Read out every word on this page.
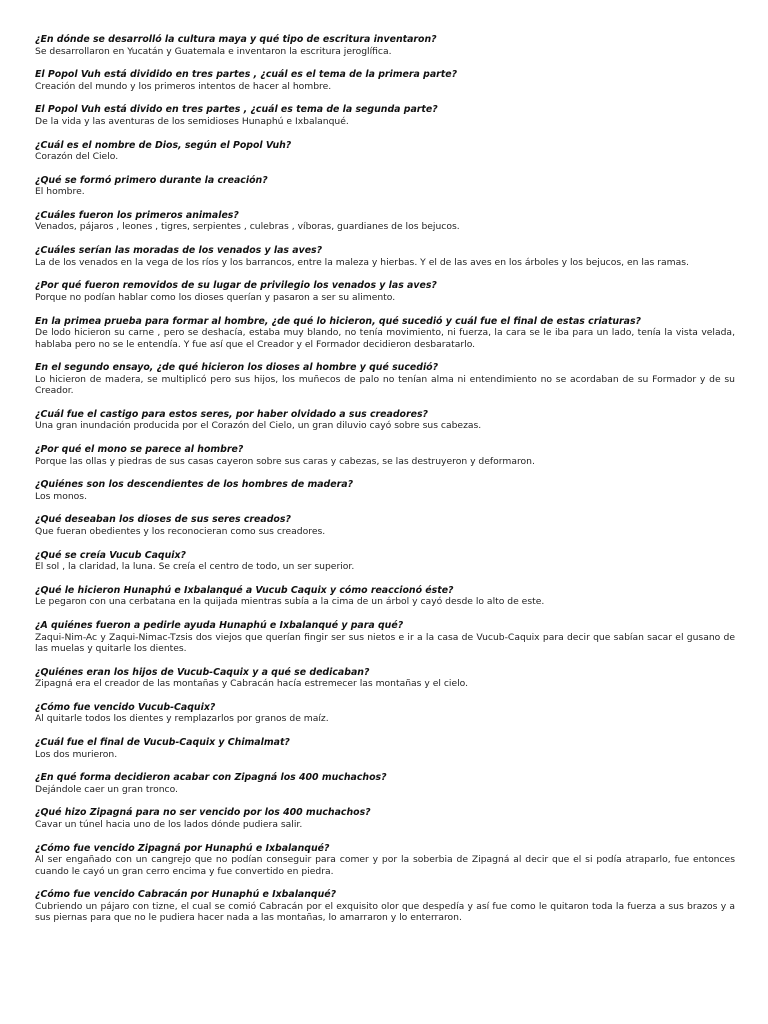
¿En dónde se desarrolló la cultura maya y qué tipo de escritura inventaron?
Se desarrollaron en Yucatán y Guatemala e inventaron la escritura jeroglífica.
El Popol Vuh está dividido en tres partes , ¿cuál es el tema de la primera parte?
Creación del mundo y los primeros intentos de hacer al hombre.
El Popol Vuh está divido en tres partes , ¿cuál es tema de la segunda parte?
De la vida y las aventuras de los semidioses Hunaphú e Ixbalanqué.
¿Cuál es el nombre de Dios, según el Popol Vuh?
Corazón del Cielo.
¿Qué se formó primero durante la creación?
El hombre.
¿Cuáles fueron los primeros animales?
Venados, pájaros , leones , tigres, serpientes , culebras , víboras, guardianes de los bejucos.
¿Cuáles serían las moradas de los venados y las aves?
La de los venados en la vega de los ríos y los barrancos, entre la maleza y hierbas. Y el de las aves en los árboles y los bejucos, en las ramas.
¿Por qué fueron removidos de su lugar de privilegio los venados y las aves?
Porque no podían hablar como los dioses querían y pasaron a ser su alimento.
En la primea prueba para formar al hombre, ¿de qué lo hicieron, qué sucedió y cuál fue el final de estas criaturas?
De lodo hicieron su carne , pero se deshacía, estaba muy blando, no tenía movimiento, ni fuerza, la cara se le iba para un lado, tenía la vista velada, hablaba pero no se le entendía. Y fue así que el Creador y el Formador decidieron desbaratarlo.
En el segundo ensayo, ¿de qué hicieron los dioses al hombre y qué sucedió?
Lo hicieron de madera, se multiplicó pero sus hijos, los muñecos de palo no tenían alma ni entendimiento no se acordaban de su Formador y de su Creador.
¿Cuál fue el castigo para estos seres, por haber olvidado a sus creadores?
Una gran inundación producida por el Corazón del Cielo, un gran diluvio cayó sobre sus cabezas.
¿Por qué el mono se parece al hombre?
Porque las ollas y piedras de sus casas cayeron sobre sus caras y cabezas, se las destruyeron y deformaron.
¿Quiénes son los descendientes de los hombres de madera?
Los monos.
¿Qué deseaban los dioses de sus seres creados?
Que fueran obedientes y los reconocieran como sus creadores.
¿Qué se creía Vucub Caquix?
El sol , la claridad, la luna. Se creía el centro de todo, un ser superior.
¿Qué le hicieron Hunaphú e Ixbalanqué a Vucub Caquix y cómo reaccionó éste?
Le pegaron con una cerbatana en la quijada mientras subía a la cima de un árbol y cayó desde lo alto de este.
¿A quiénes fueron a pedirle ayuda Hunaphú e Ixbalanqué y para qué?
Zaqui-Nim-Ac y Zaqui-Nimac-Tzsis dos viejos que querían fingir ser sus nietos e ir a la casa de Vucub-Caquix para decir que sabían sacar el gusano de las muelas y quitarle los dientes.
¿Quiénes eran los hijos de Vucub-Caquix y a qué se dedicaban?
Zipagná era el creador de las montañas y Cabracán hacía estremecer las montañas y el cielo.
¿Cómo fue vencido Vucub-Caquix?
Al quitarle todos los dientes y remplazarlos por granos de maíz.
¿Cuál fue el final de Vucub-Caquix y Chimalmat?
Los dos murieron.
¿En qué forma decidieron acabar con Zipagná los 400 muchachos?
Dejándole caer un gran tronco.
¿Qué hizo Zipagná para no ser vencido por los 400 muchachos?
Cavar un túnel hacia uno de los lados dónde pudiera salir.
¿Cómo fue vencido Zipagná por Hunaphú e Ixbalanqué?
Al ser engañado con un cangrejo que no podían conseguir para comer y por la soberbia de Zipagná al decir que el si podía atraparlo, fue entonces cuando le cayó un gran cerro encima y fue convertido en piedra.
¿Cómo fue vencido Cabracán por Hunaphú e Ixbalanqué?
Cubriendo un pájaro con tizne, el cual se comió Cabracán por el exquisito olor que despedía y así fue como le quitaron toda la fuerza a sus brazos y a sus piernas para que no le pudiera hacer nada a las montañas, lo amarraron y lo enterraron.
